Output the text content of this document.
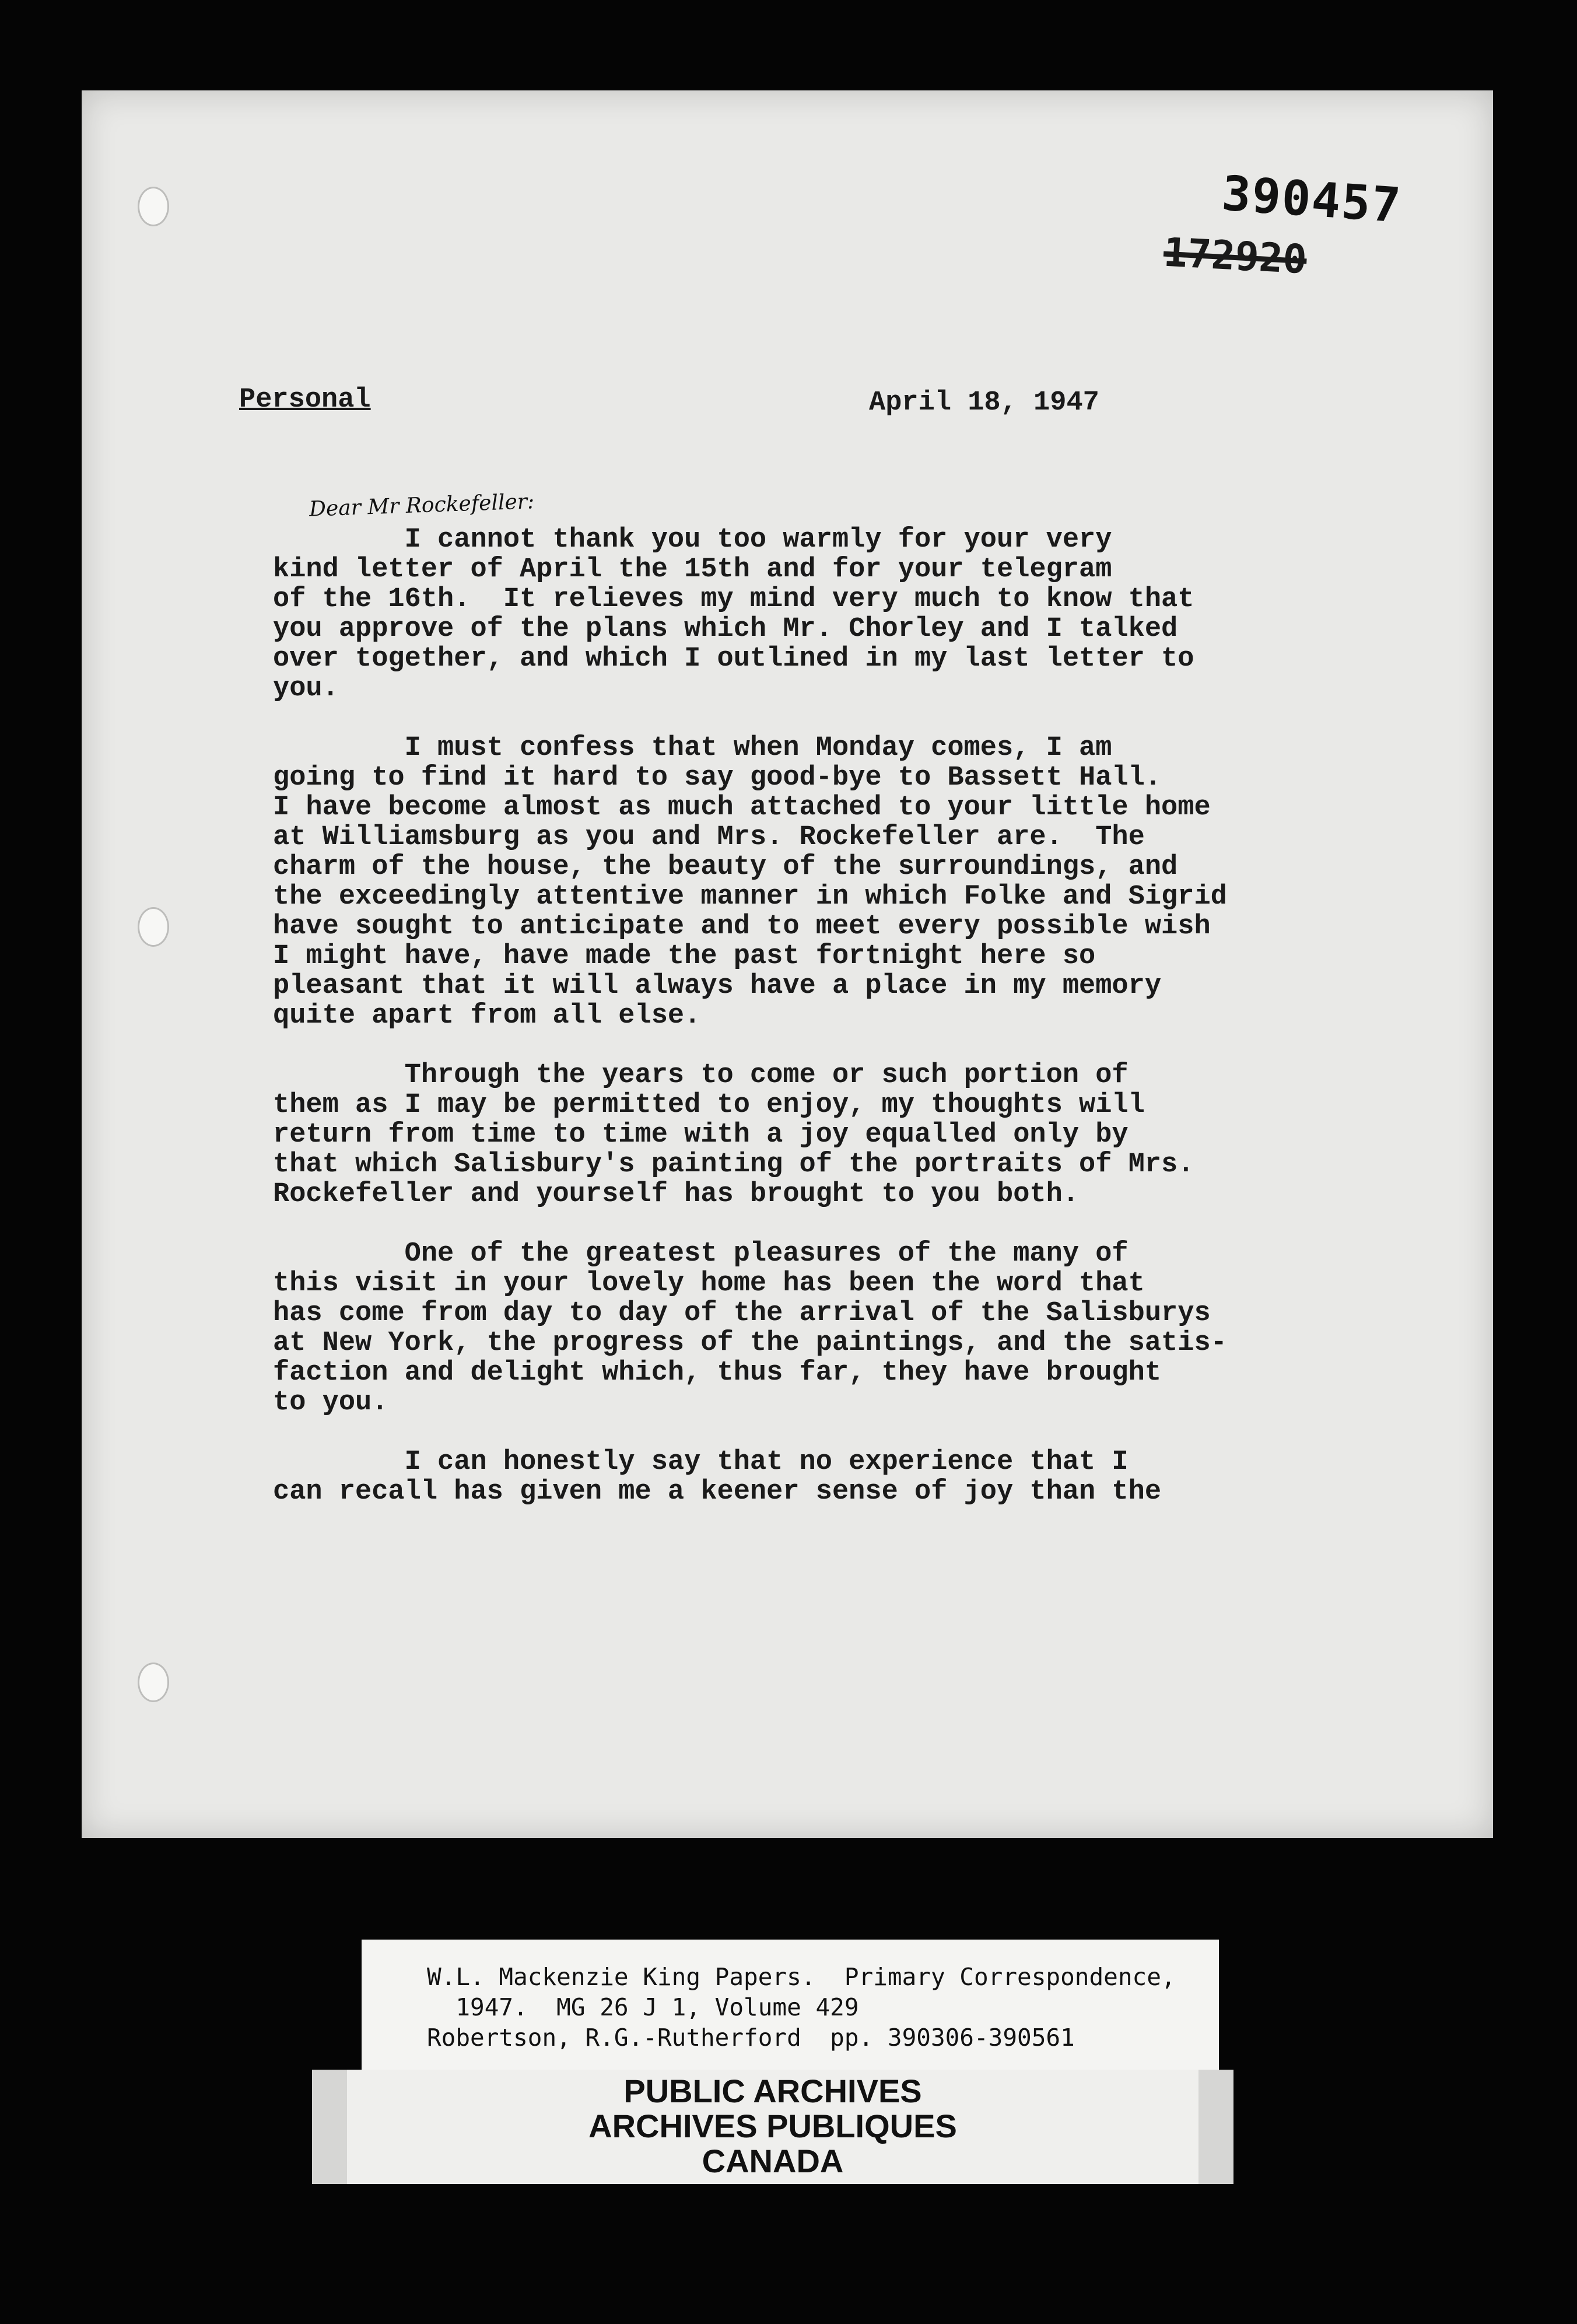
390457

172920

Personal	April 18, 1947

Dear Mr Rockefeller:

I cannot thank you too warmly for your very
kind letter of April the 15th and for your telegram
of the 16th.  It relieves my mind very much to know that
you approve of the plans which Mr. Chorley and I talked
over together, and which I outlined in my last letter to
you.

I must confess that when Monday comes, I am
going to find it hard to say good-bye to Bassett Hall.
I have become almost as much attached to your little home
at Williamsburg as you and Mrs. Rockefeller are.  The
charm of the house, the beauty of the surroundings, and
the exceedingly attentive manner in which Folke and Sigrid
have sought to anticipate and to meet every possible wish
I might have, have made the past fortnight here so
pleasant that it will always have a place in my memory
quite apart from all else.

Through the years to come or such portion of
them as I may be permitted to enjoy, my thoughts will
return from time to time with a joy equalled only by
that which Salisbury's painting of the portraits of Mrs.
Rockefeller and yourself has brought to you both.

One of the greatest pleasures of the many of
this visit in your lovely home has been the word that
has come from day to day of the arrival of the Salisburys
at New York, the progress of the paintings, and the satis-
faction and delight which, thus far, they have brought
to you.

I can honestly say that no experience that I
can recall has given me a keener sense of joy than the

W.L. Mackenzie King Papers.  Primary Correspondence,

1947.  MG 26 J 1, Volume 429

Robertson, R.G.-Rutherford  pp. 390306-390561

PUBLIC ARCHIVES

ARCHIVES PUBLIQUES

CANADA
